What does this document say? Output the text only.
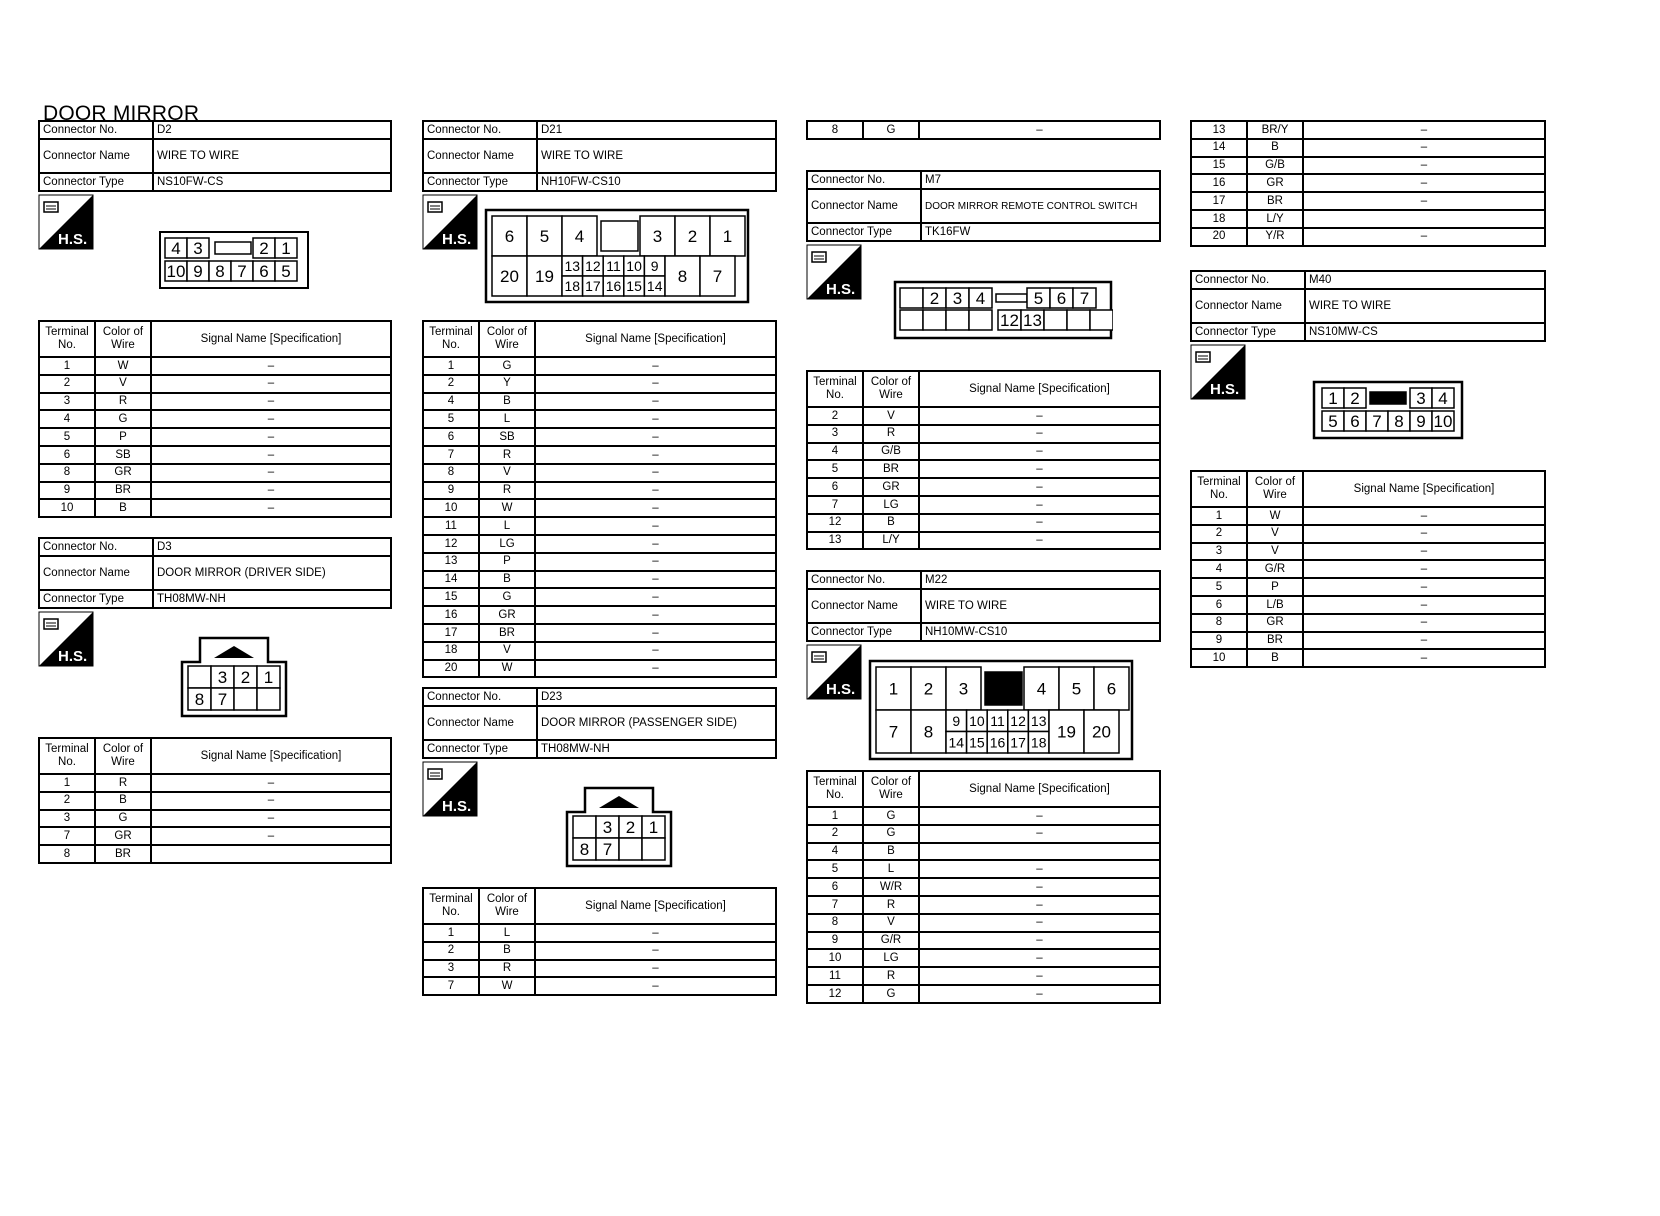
DOOR MIRROR
Connector No.	D2
Connector Name	WIRE TO WIRE
Connector Type	NS10FW-CS
H.S.	4 3	2 1
10 9 8 7 6 5
Terminal No.	Color of Wire	Signal Name [Specification]
1	W	–
2	V	–
3	R	–
4	G	–
5	P	–
6	SB	–
8	GR	–
9	BR	–
10	B	–
Connector No.	D3
Connector Name	DOOR MIRROR (DRIVER SIDE)
Connector Type	TH08MW-NH
H.S.
3 2 1
8 7
Terminal No.	Color of Wire	Signal Name [Specification]
1	R	–
2	B	–
3	G	–
7	GR	–
8	BR	
Connector No.	D21
Connector Name	WIRE TO WIRE
Connector Type	NH10FW-CS10
H.S. 6 5 4	3 2 1
20 19
13 12 11 10 9
18 17 16 15 14 8 7
Terminal No.	Color of Wire	Signal Name [Specification]
1	G	–
2	Y	–
4	B	–
5	L	–
6	SB	–
7	R	–
8	V	–
9	R	–
10	W	–
11	L	–
12	LG	–
13	P	–
14	B	–
15	G	–
16	GR	–
17	BR	–
18	V	–
20	W	–
Connector No.	D23
Connector Name	DOOR MIRROR (PASSENGER SIDE)
Connector Type	TH08MW-NH
H.S.
3 2 1
8 7
Terminal No.	Color of Wire	Signal Name [Specification]
1	L	–
2	B	–
3	R	–
7	W	–
8	G	–
Connector No.	M7
Connector Name	DOOR MIRROR REMOTE CONTROL SWITCH
Connector Type	TK16FW
H.S.	2 3 4	5 6 7
12 13
Terminal No.	Color of Wire	Signal Name [Specification]
2	V	–
3	R	–
4	G/B	–
5	BR	–
6	GR	–
7	LG	–
12	B	–
13	L/Y	–
Connector No.	M22
Connector Name	WIRE TO WIRE
Connector Type	NH10MW-CS10
H.S. 1 2 3	4 5 6
7 8
9 10 11 12 13
14 15 16 17 18
19 20
Terminal No.	Color of Wire	Signal Name [Specification]
1	G	–
2	G	–
4	B	
5	L	–
6	W/R	–
7	R	–
8	V	–
9	G/R	–
10	LG	–
11	R	–
12	G	–
13	BR/Y	–
14	B	–
15	G/B	–
16	GR	–
17	BR	–
18	L/Y	
20	Y/R	–
Connector No.	M40
Connector Name	WIRE TO WIRE
Connector Type	NS10MW-CS
H.S.	1 2	3 4
5 6 7 8 9 10
Terminal No.	Color of Wire	Signal Name [Specification]
1	W	–
2	V	–
3	V	–
4	G/R	–
5	P	–
6	L/B	–
8	GR	–
9	BR	–
10	B	–
